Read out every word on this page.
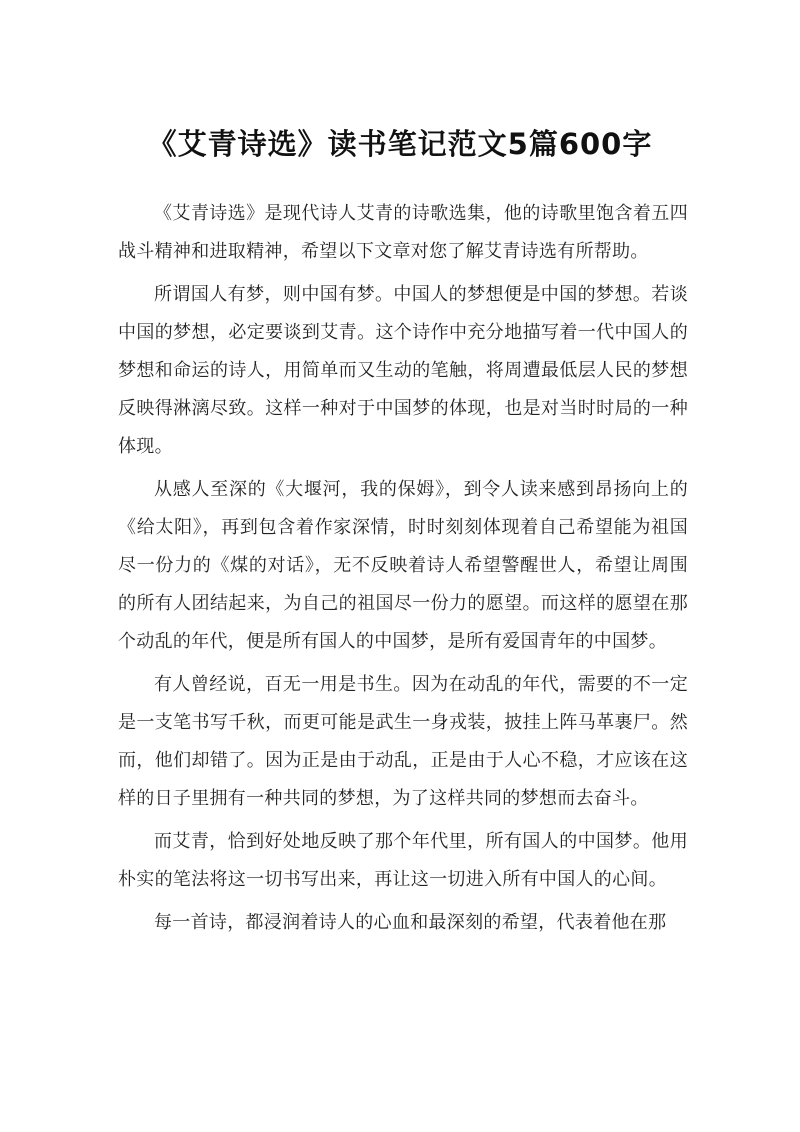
《艾青诗选》读书笔记范文5篇600字

《艾青诗选》是现代诗人艾青的诗歌选集，他的诗歌里饱含着五四战斗精神和进取精神，希望以下文章对您了解艾青诗选有所帮助。

所谓国人有梦，则中国有梦。中国人的梦想便是中国的梦想。若谈中国的梦想，必定要谈到艾青。这个诗作中充分地描写着一代中国人的梦想和命运的诗人，用简单而又生动的笔触，将周遭最低层人民的梦想反映得淋漓尽致。这样一种对于中国梦的体现，也是对当时时局的一种体现。

从感人至深的《大堰河，我的保姆》，到令人读来感到昂扬向上的《给太阳》，再到包含着作家深情，时时刻刻体现着自己希望能为祖国尽一份力的《煤的对话》，无不反映着诗人希望警醒世人，希望让周围的所有人团结起来，为自己的祖国尽一份力的愿望。而这样的愿望在那个动乱的年代，便是所有国人的中国梦，是所有爱国青年的中国梦。

有人曾经说，百无一用是书生。因为在动乱的年代，需要的不一定是一支笔书写千秋，而更可能是武生一身戎装，披挂上阵马革裹尸。然而，他们却错了。因为正是由于动乱，正是由于人心不稳，才应该在这样的日子里拥有一种共同的梦想，为了这样共同的梦想而去奋斗。

而艾青，恰到好处地反映了那个年代里，所有国人的中国梦。他用朴实的笔法将这一切书写出来，再让这一切进入所有中国人的心间。

每一首诗，都浸润着诗人的心血和最深刻的希望，代表着他在那
